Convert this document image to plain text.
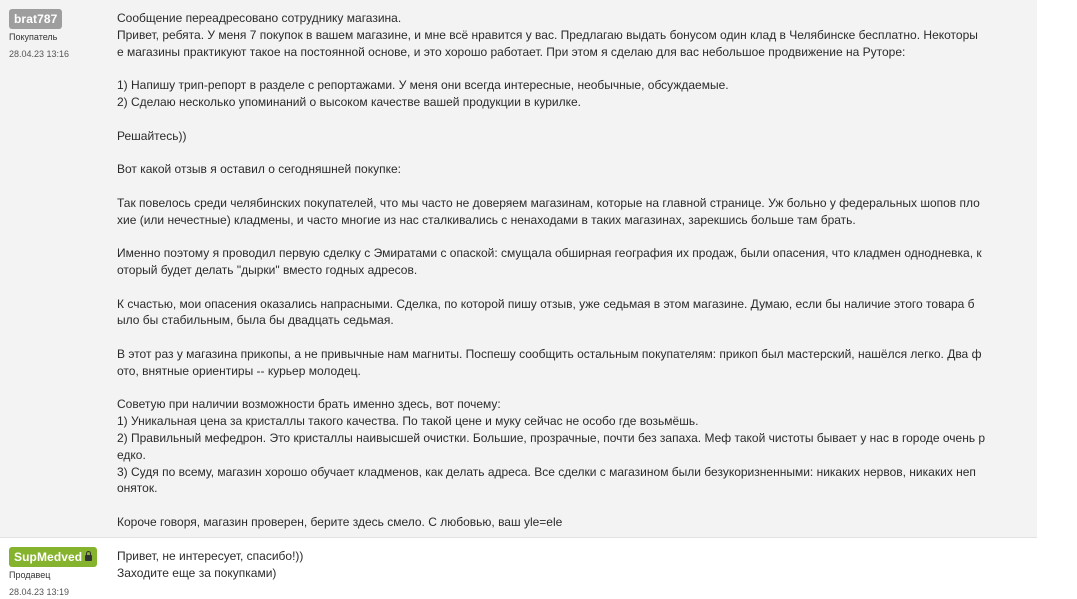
brat787
Покупатель
28.04.23 13:16
Сообщение переадресовано сотруднику магазина.
Привет, ребята. У меня 7 покупок в вашем магазине, и мне всё нравится у вас. Предлагаю выдать бонусом один клад в Челябинске бесплатно. Некоторы
е магазины практикуют такое на постоянной основе, и это хорошо работает. При этом я сделаю для вас небольшое продвижение на Руторе:
1) Напишу трип-репорт в разделе с репортажами. У меня они всегда интересные, необычные, обсуждаемые.
2) Сделаю несколько упоминаний о высоком качестве вашей продукции в курилке.
Решайтесь))
Вот какой отзыв я оставил о сегодняшней покупке:
Так повелось среди челябинских покупателей, что мы часто не доверяем магазинам, которые на главной странице. Уж больно у федеральных шопов пло
хие (или нечестные) кладмены, и часто многие из нас сталкивались с ненаходами в таких магазинах, зарекшись больше там брать.
Именно поэтому я проводил первую сделку с Эмиратами с опаской: смущала обширная география их продаж, были опасения, что кладмен однодневка, к
оторый будет делать "дырки" вместо годных адресов.
К счастью, мои опасения оказались напрасными. Сделка, по которой пишу отзыв, уже седьмая в этом магазине. Думаю, если бы наличие этого товара б
ыло бы стабильным, была бы двадцать седьмая.
В этот раз у магазина прикопы, а не привычные нам магниты. Поспешу сообщить остальным покупателям: прикоп был мастерский, нашёлся легко. Два ф
ото, внятные ориентиры -- курьер молодец.
Советую при наличии возможности брать именно здесь, вот почему:
1) Уникальная цена за кристаллы такого качества. По такой цене и муку сейчас не особо где возьмёшь.
2) Правильный мефедрон. Это кристаллы наивысшей очистки. Большие, прозрачные, почти без запаха. Меф такой чистоты бывает у нас в городе очень р
едко.
3) Судя по всему, магазин хорошо обучает кладменов, как делать адреса. Все сделки с магазином были безукоризненными: никаких нервов, никаких неп
оняток.
Короче говоря, магазин проверен, берите здесь смело. С любовью, ваш yle=ele
SupMedved
Продавец
28.04.23 13:19
Привет, не интересует, спасибо!))
Заходите еще за покупками)
